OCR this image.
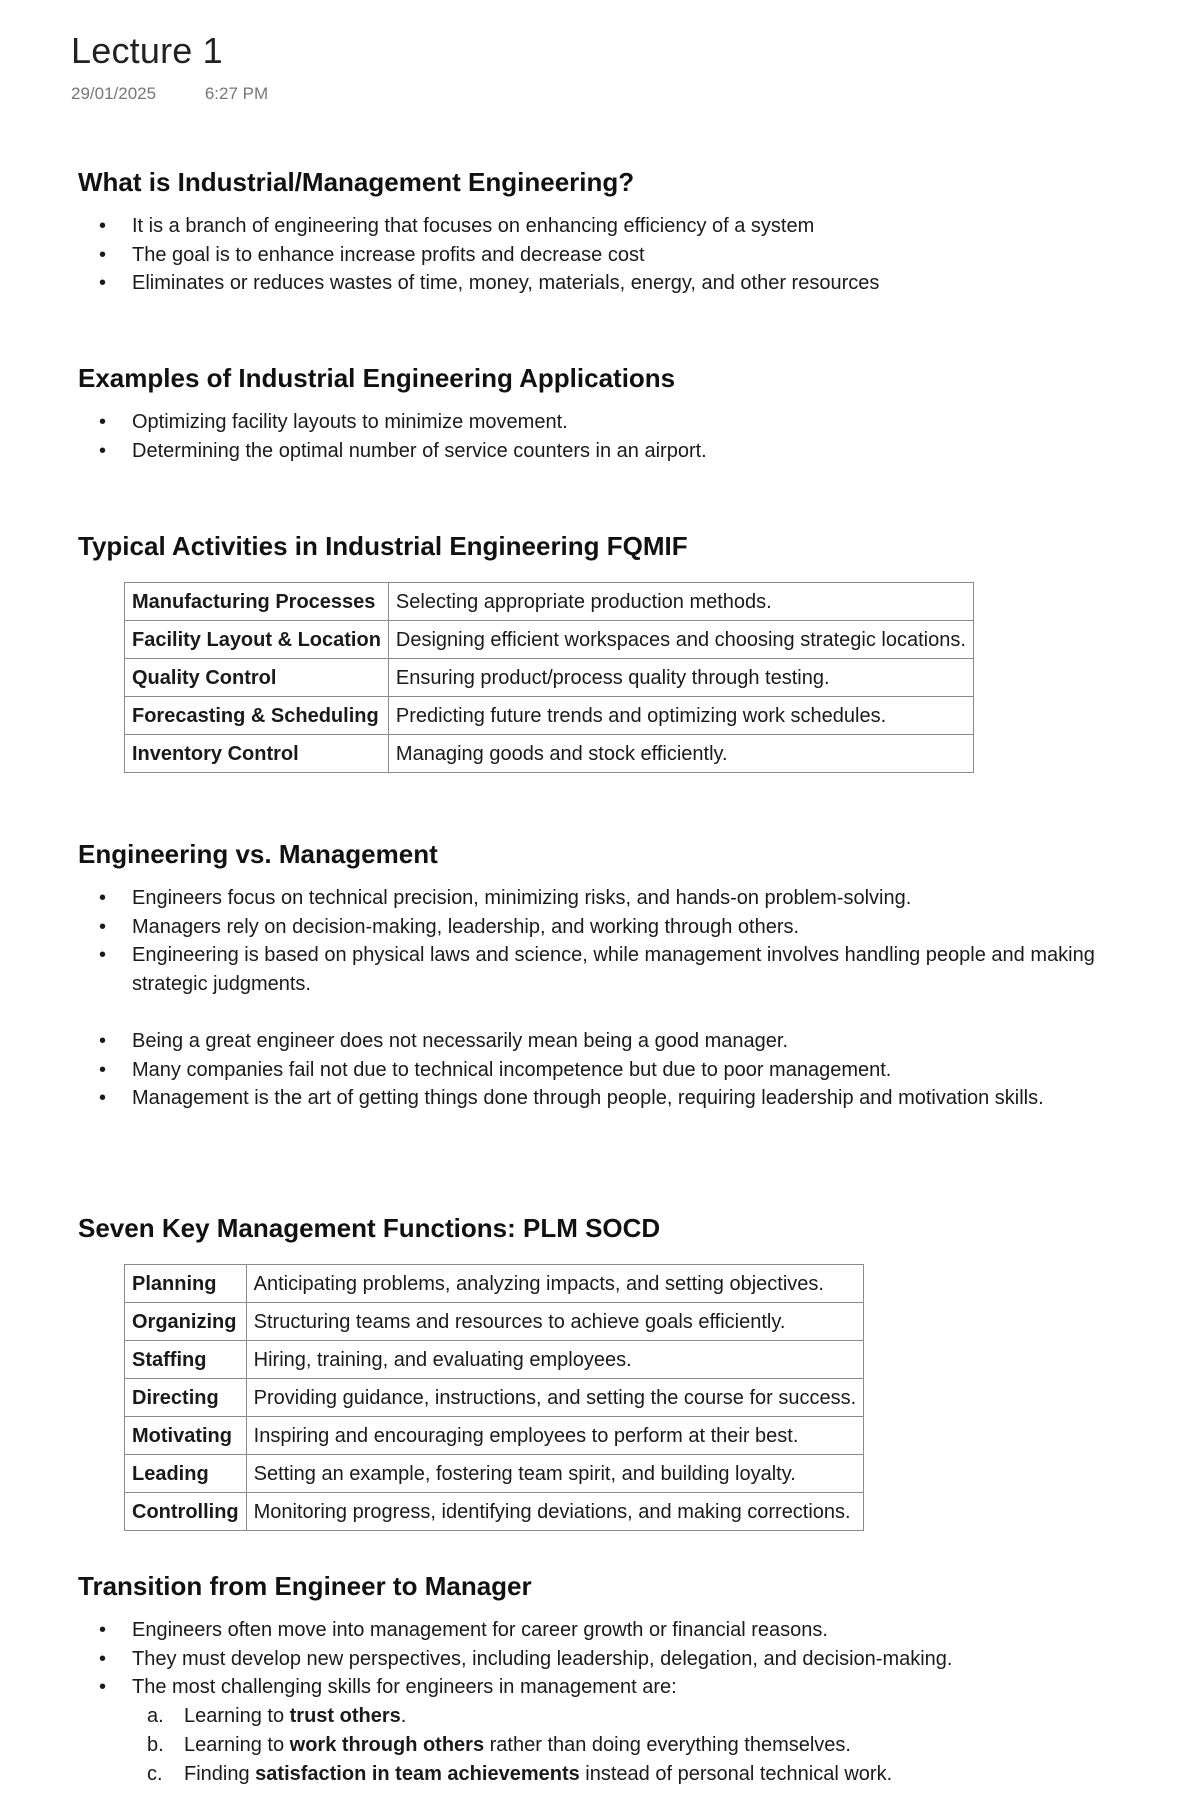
Lecture 1
29/01/2025	6:27 PM
What is Industrial/Management Engineering?
• It is a branch of engineering that focuses on enhancing efficiency of a system
• The goal is to enhance increase profits and decrease cost
• Eliminates or reduces wastes of time, money, materials, energy, and other resources
Examples of Industrial Engineering Applications
• Optimizing facility layouts to minimize movement.
• Determining the optimal number of service counters in an airport.
Typical Activities in Industrial Engineering FQMIF
Manufacturing Processes	Selecting appropriate production methods.
Facility Layout & Location	Designing efficient workspaces and choosing strategic locations.
Quality Control	Ensuring product/process quality through testing.
Forecasting & Scheduling	Predicting future trends and optimizing work schedules.
Inventory Control	Managing goods and stock efficiently.
Engineering vs. Management
• Engineers focus on technical precision, minimizing risks, and hands-on problem-solving.
• Managers rely on decision-making, leadership, and working through others.
• Engineering is based on physical laws and science, while management involves handling people and making strategic judgments.
• Being a great engineer does not necessarily mean being a good manager.
• Many companies fail not due to technical incompetence but due to poor management.
• Management is the art of getting things done through people, requiring leadership and motivation skills.
Seven Key Management Functions: PLM SOCD
Planning	Anticipating problems, analyzing impacts, and setting objectives.
Organizing	Structuring teams and resources to achieve goals efficiently.
Staffing	Hiring, training, and evaluating employees.
Directing	Providing guidance, instructions, and setting the course for success.
Motivating	Inspiring and encouraging employees to perform at their best.
Leading	Setting an example, fostering team spirit, and building loyalty.
Controlling	Monitoring progress, identifying deviations, and making corrections.
Transition from Engineer to Manager
• Engineers often move into management for career growth or financial reasons.
• They must develop new perspectives, including leadership, delegation, and decision-making.
• The most challenging skills for engineers in management are:
a. Learning to trust others.
b. Learning to work through others rather than doing everything themselves.
c. Finding satisfaction in team achievements instead of personal technical work.
